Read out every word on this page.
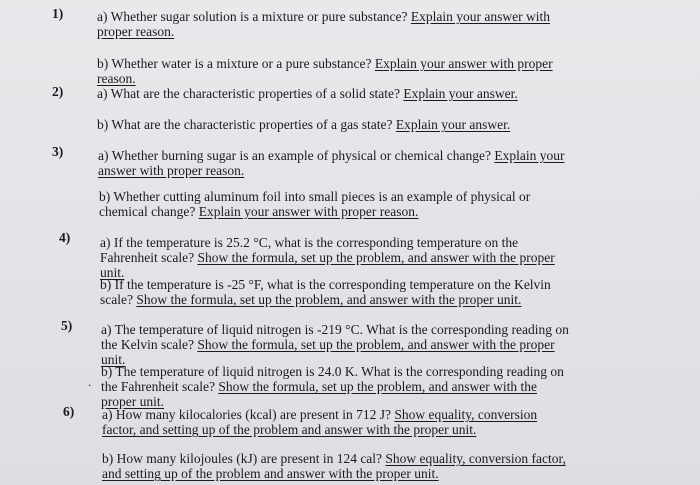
1)	a) Whether sugar solution is a mixture or pure substance? Explain your answer with proper reason.
b) Whether water is a mixture or a pure substance? Explain your answer with proper reason.
2)	a) What are the characteristic properties of a solid state? Explain your answer.
b) What are the characteristic properties of a gas state? Explain your answer.
3)	a) Whether burning sugar is an example of physical or chemical change? Explain your answer with proper reason.
b) Whether cutting aluminum foil into small pieces is an example of physical or chemical change? Explain your answer with proper reason.
4) a) If the temperature is 25.2 °C, what is the corresponding temperature on the Fahrenheit scale? Show the formula, set up the problem, and answer with the proper unit.
b) If the temperature is -25 °F, what is the corresponding temperature on the Kelvin scale? Show the formula, set up the problem, and answer with the proper unit.
5) a) The temperature of liquid nitrogen is -219 °C. What is the corresponding reading on the Kelvin scale? Show the formula, set up the problem, and answer with the proper unit.
.
b) The temperature of liquid nitrogen is 24.0 K. What is the corresponding reading on the Fahrenheit scale? Show the formula, set up the problem, and answer with the proper unit.
6) a) How many kilocalories (kcal) are present in 712 J? Show equality, conversion factor, and setting up of the problem and answer with the proper unit.
b) How many kilojoules (kJ) are present in 124 cal? Show equality, conversion factor, and setting up of the problem and answer with the proper unit.
